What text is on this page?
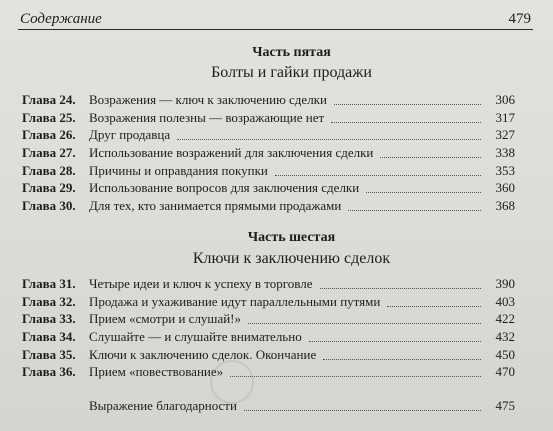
Содержание	479
Часть пятая
Болты и гайки продажи
Глава 24.	Возражения — ключ к заключению сделки	306
Глава 25.	Возражения полезны — возражающие нет	317
Глава 26.	Друг продавца	327
Глава 27.	Использование возражений для заключения сделки	338
Глава 28.	Причины и оправдания покупки	353
Глава 29.	Использование вопросов для заключения сделки	360
Глава 30.	Для тех, кто занимается прямыми продажами	368
Часть шестая
Ключи к заключению сделок
Глава 31.	Четыре идеи и ключ к успеху в торговле	390
Глава 32.	Продажа и ухаживание идут параллельными путями	403
Глава 33.	Прием «смотри и слушай!»	422
Глава 34.	Слушайте — и слушайте внимательно	432
Глава 35.	Ключи к заключению сделок. Окончание	450
Глава 36.	Прием «повествование»	470
Выражение благодарности	475
